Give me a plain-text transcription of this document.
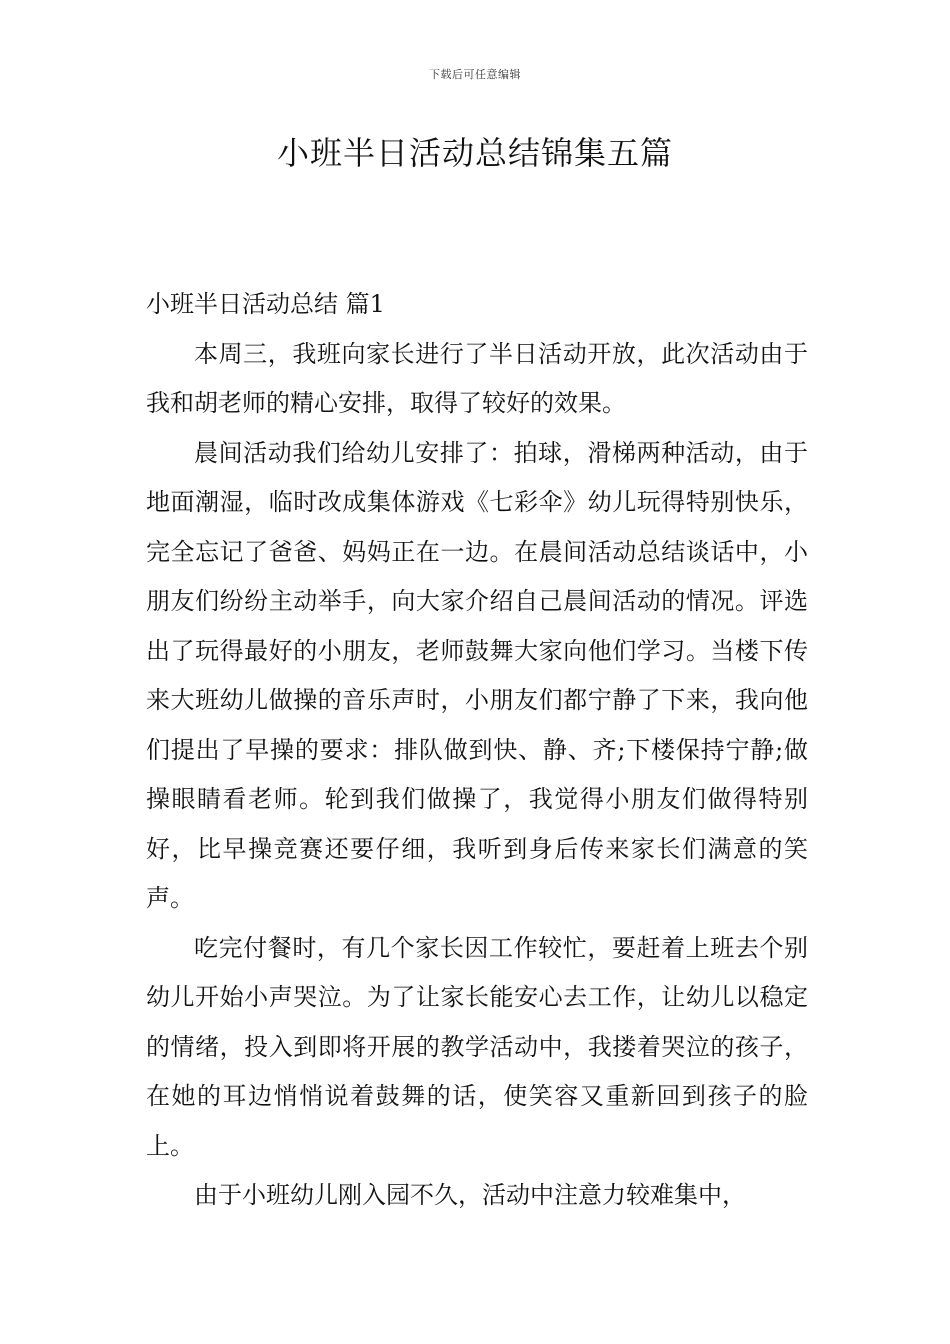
下载后可任意编辑
小班半日活动总结锦集五篇

小班半日活动总结 篇1

本周三，我班向家长进行了半日活动开放，此次活动由于我和胡老师的精心安排，取得了较好的效果。

晨间活动我们给幼儿安排了：拍球，滑梯两种活动，由于地面潮湿，临时改成集体游戏《七彩伞》幼儿玩得特别快乐，完全忘记了爸爸、妈妈正在一边。在晨间活动总结谈话中，小朋友们纷纷主动举手，向大家介绍自己晨间活动的情况。评选出了玩得最好的小朋友，老师鼓舞大家向他们学习。当楼下传来大班幼儿做操的音乐声时，小朋友们都宁静了下来，我向他们提出了早操的要求：排队做到快、静、齐;下楼保持宁静;做操眼睛看老师。轮到我们做操了，我觉得小朋友们做得特别好，比早操竞赛还要仔细，我听到身后传来家长们满意的笑声。

吃完付餐时，有几个家长因工作较忙，要赶着上班去个别幼儿开始小声哭泣。为了让家长能安心去工作，让幼儿以稳定的情绪，投入到即将开展的教学活动中，我搂着哭泣的孩子，在她的耳边悄悄说着鼓舞的话，使笑容又重新回到孩子的脸上。

由于小班幼儿刚入园不久，活动中注意力较难集中，
